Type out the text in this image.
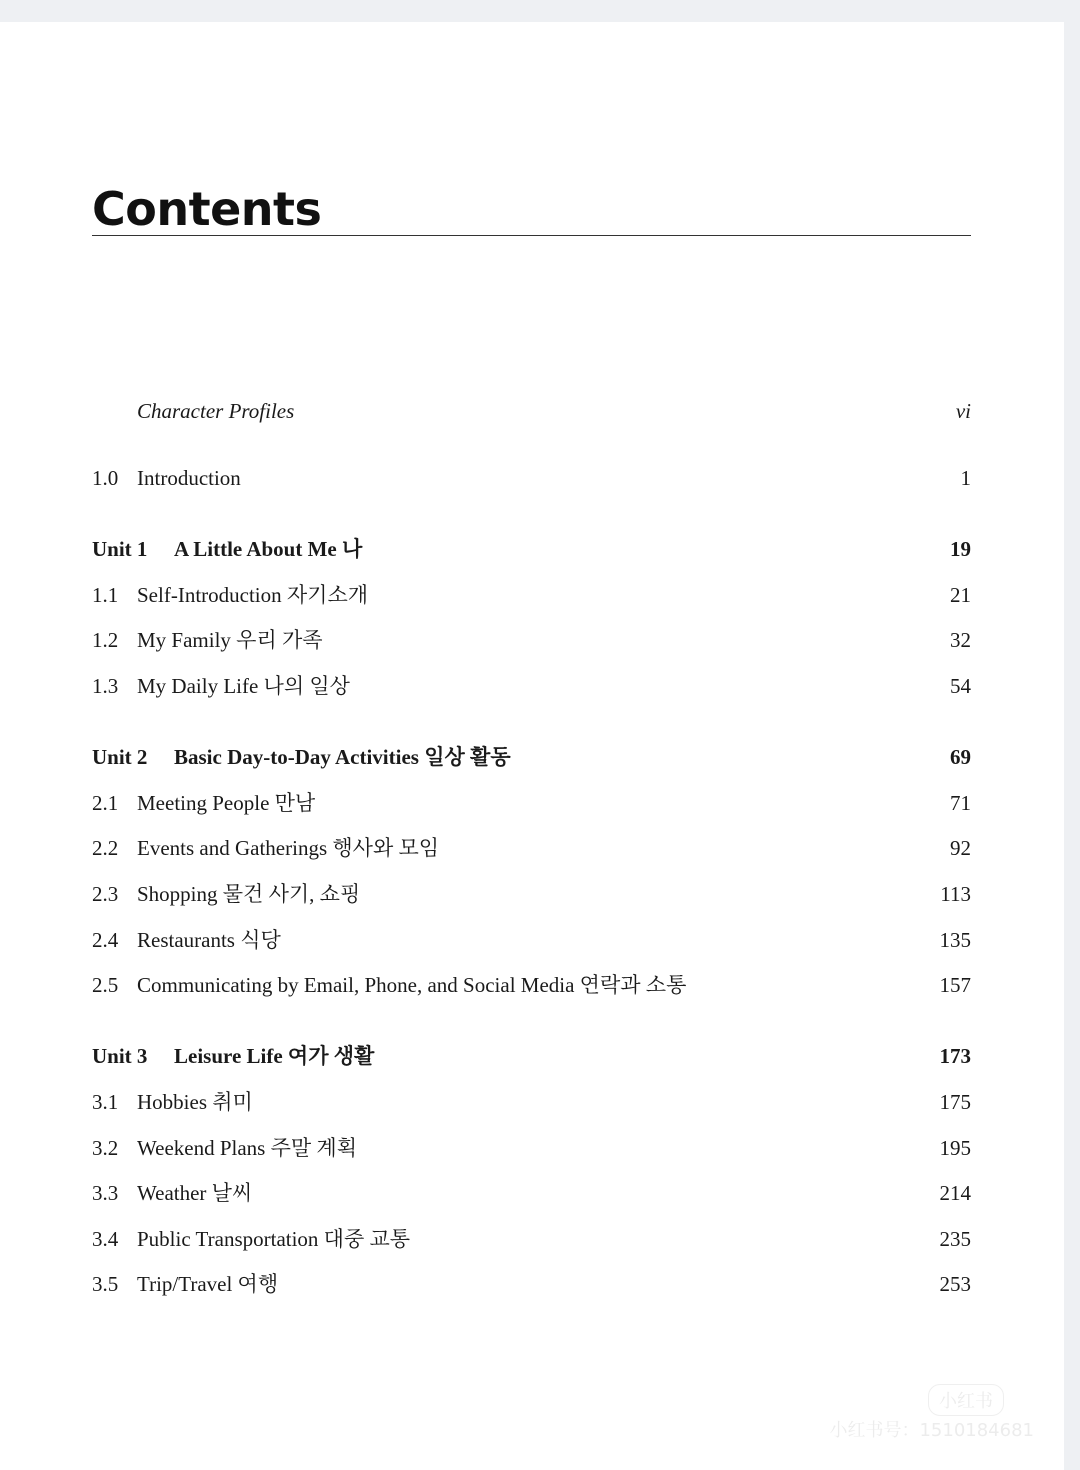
Contents
Character Profiles	vi
1.0 Introduction	1
Unit 1 A Little About Me 나	19
1.1 Self-Introduction 자기소개	21
1.2 My Family 우리 가족	32
1.3 My Daily Life 나의 일상	54
Unit 2 Basic Day-to-Day Activities 일상 활동	69
2.1 Meeting People 만남	71
2.2 Events and Gatherings 행사와 모임	92
2.3 Shopping 물건 사기, 쇼핑	113
2.4 Restaurants 식당	135
2.5 Communicating by Email, Phone, and Social Media 연락과 소통	157
Unit 3 Leisure Life 여가 생활	173
3.1 Hobbies 취미	175
3.2 Weekend Plans 주말 계획	195
3.3 Weather 날씨	214
3.4 Public Transportation 대중 교통	235
3.5 Trip/Travel 여행	253
小红书
小红书号：1510184681
